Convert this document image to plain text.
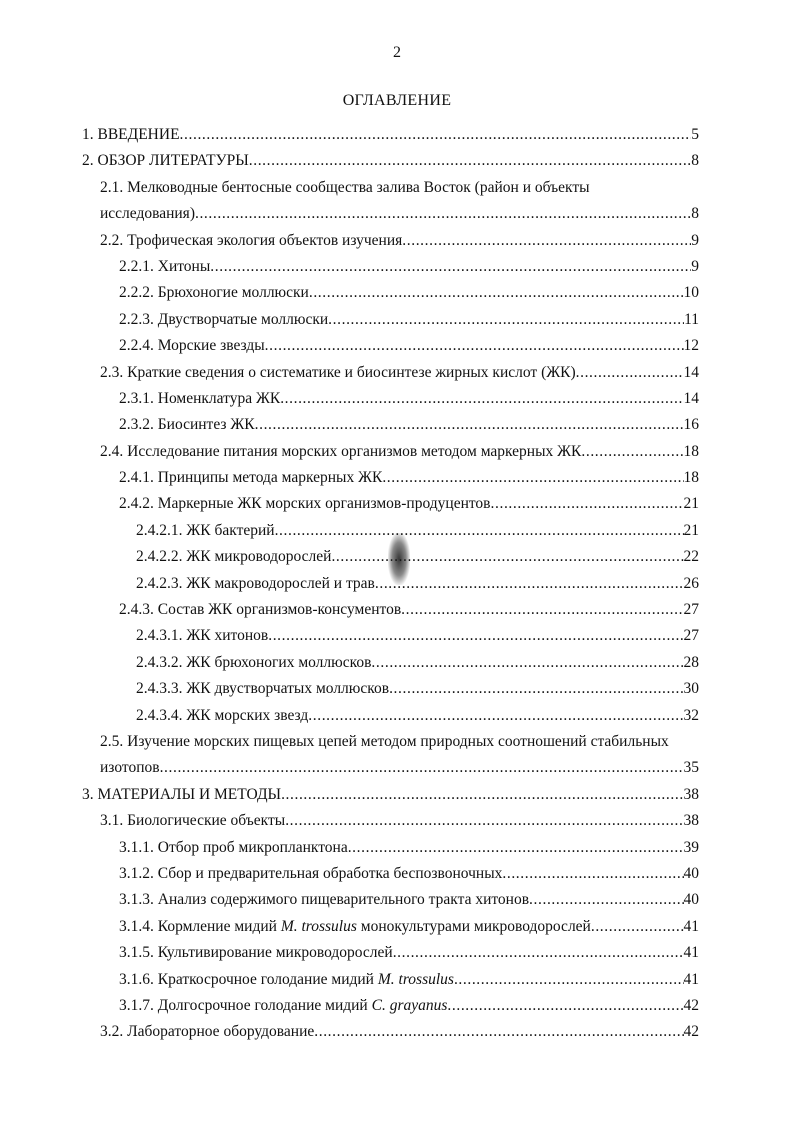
2
ОГЛАВЛЕНИЕ
1. ВВЕДЕНИЕ .....	5
2. ОБЗОР ЛИТЕРАТУРЫ .....	8
2.1. Мелководные бентосные сообщества залива Восток (район и объекты исследования) .....	8
2.2. Трофическая экология объектов изучения .....	9
2.2.1. Хитоны .....	9
2.2.2. Брюхоногие моллюски .....	10
2.2.3. Двустворчатые моллюски .....	11
2.2.4. Морские звезды .....	12
2.3. Краткие сведения о систематике и биосинтезе жирных кислот (ЖК) .....	14
2.3.1. Номенклатура ЖК .....	14
2.3.2. Биосинтез ЖК .....	16
2.4. Исследование питания морских организмов методом маркерных ЖК .....	18
2.4.1. Принципы метода маркерных ЖК .....	18
2.4.2. Маркерные ЖК морских организмов-продуцентов .....	21
2.4.2.1. ЖК бактерий .....	21
2.4.2.2. ЖК микроводорослей .....	22
2.4.2.3. ЖК макроводорослей и трав .....	26
2.4.3. Состав ЖК организмов-консументов .....	27
2.4.3.1. ЖК хитонов .....	27
2.4.3.2. ЖК брюхоногих моллюсков .....	28
2.4.3.3. ЖК двустворчатых моллюсков .....	30
2.4.3.4. ЖК морских звезд .....	32
2.5. Изучение морских пищевых цепей методом природных соотношений стабильных изотопов .....	35
3. МАТЕРИАЛЫ И МЕТОДЫ .....	38
3.1. Биологические объекты .....	38
3.1.1. Отбор проб микропланктона .....	39
3.1.2. Сбор и предварительная обработка беспозвоночных .....	40
3.1.3. Анализ содержимого пищеварительного тракта хитонов .....	40
3.1.4. Кормление мидий M. trossulus монокультурами микроводорослей .....	41
3.1.5. Культивирование микроводорослей .....	41
3.1.6. Краткосрочное голодание мидий M. trossulus .....	41
3.1.7. Долгосрочное голодание мидий C. grayanus .....	42
3.2. Лабораторное оборудование .....	42
